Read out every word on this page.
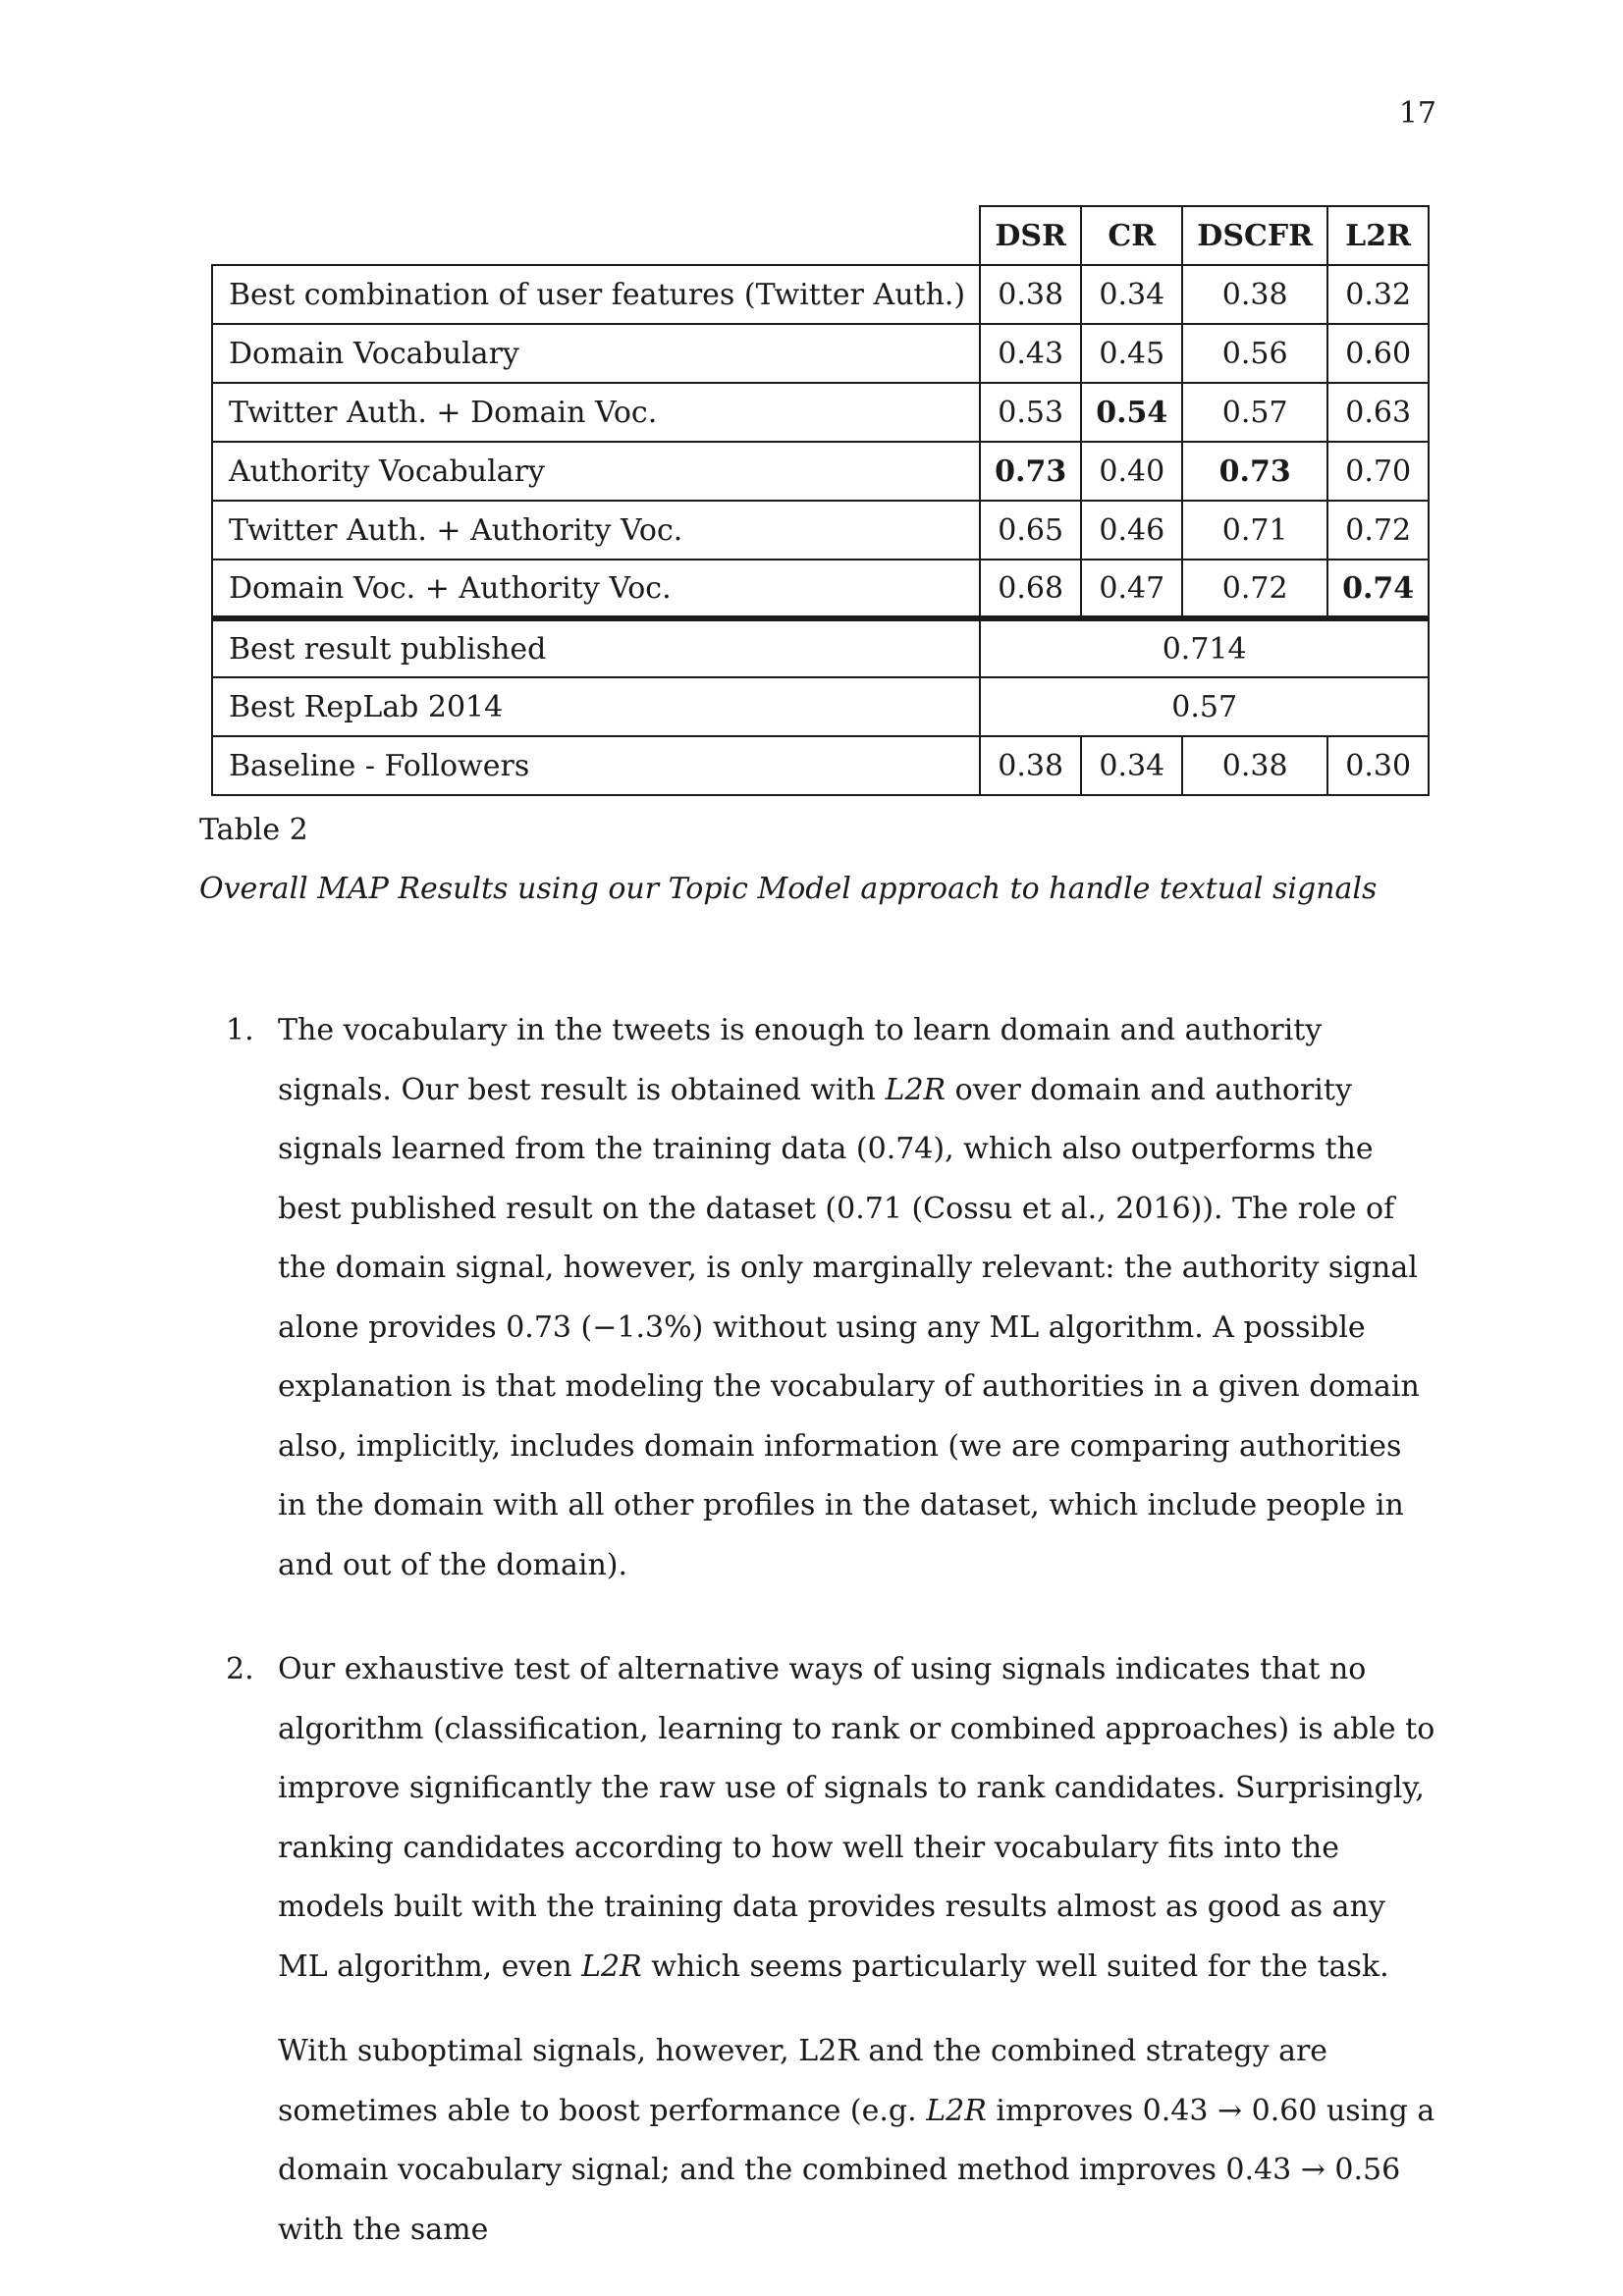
17
	DSR	CR	DSCFR	L2R
Best combination of user features (Twitter Auth.)	0.38	0.34	0.38	0.32
Domain Vocabulary	0.43	0.45	0.56	0.60
Twitter Auth. + Domain Voc.	0.53	0.54	0.57	0.63
Authority Vocabulary	0.73	0.40	0.73	0.70
Twitter Auth. + Authority Voc.	0.65	0.46	0.71	0.72
Domain Voc. + Authority Voc.	0.68	0.47	0.72	0.74
Best result published	0.714			
Best RepLab 2014	0.57			
Baseline - Followers	0.38	0.34	0.38	0.30
Table 2
Overall MAP Results using our Topic Model approach to handle textual signals
1. The vocabulary in the tweets is enough to learn domain and authority signals. Our best result is obtained with L2R over domain and authority signals learned from the training data (0.74), which also outperforms the best published result on the dataset (0.71 (Cossu et al., 2016)). The role of the domain signal, however, is only marginally relevant: the authority signal alone provides 0.73 (−1.3%) without using any ML algorithm. A possible explanation is that modeling the vocabulary of authorities in a given domain also, implicitly, includes domain information (we are comparing authorities in the domain with all other profiles in the dataset, which include people in and out of the domain).

2. Our exhaustive test of alternative ways of using signals indicates that no algorithm (classification, learning to rank or combined approaches) is able to improve significantly the raw use of signals to rank candidates. Surprisingly, ranking candidates according to how well their vocabulary fits into the models built with the training data provides results almost as good as any ML algorithm, even L2R which seems particularly well suited for the task.

With suboptimal signals, however, L2R and the combined strategy are sometimes able to boost performance (e.g. L2R improves 0.43 → 0.60 using a domain vocabulary signal; and the combined method improves 0.43 → 0.56 with the same
